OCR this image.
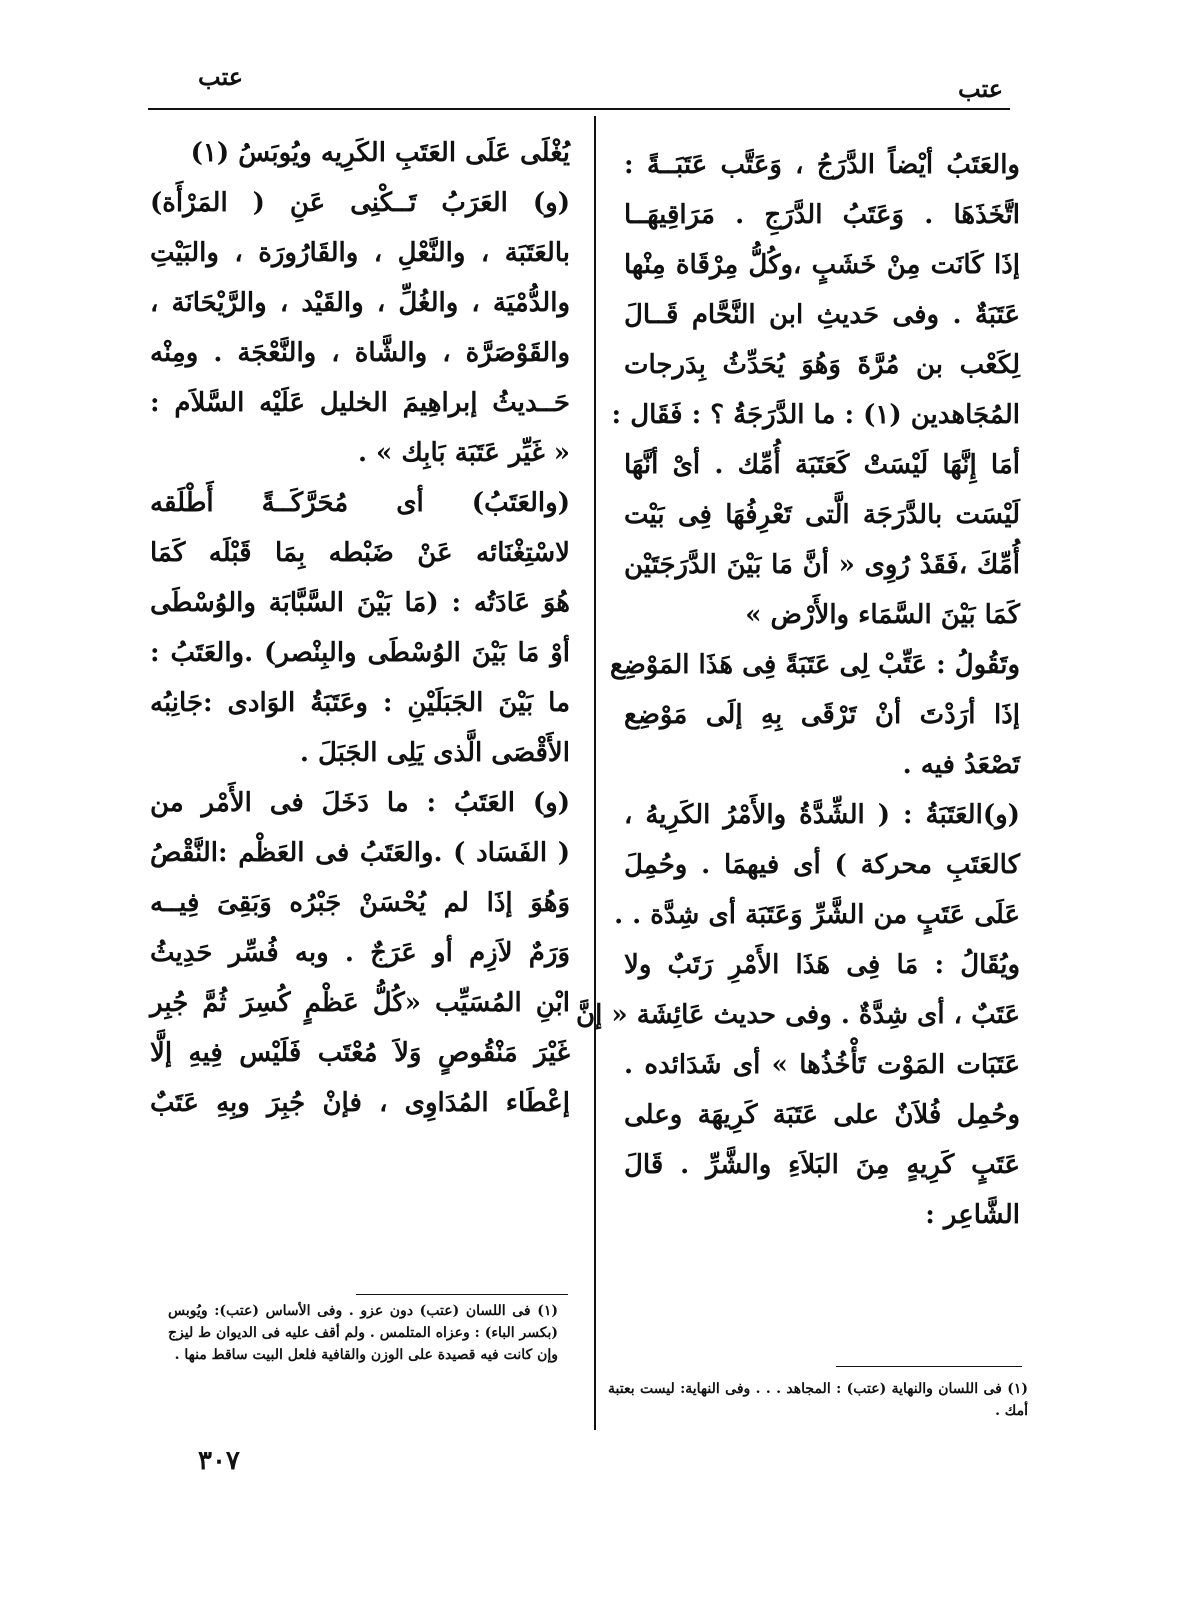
عتب	عتب
والعَتَبُ أيْضاً الدَّرَجُ ، وَعَتَّب عَتَبَــةً :
اتَّخَذَهَا . وَعَتَبُ الدَّرَجِ . مَرَاقِيهَــا
إذَا كَانَت مِنْ خَشَبٍ ،وكُلُّ مِرْقَاة مِنْها
عَتَبَةٌ . وفى حَديثِ ابن النَّحَّام قَــالَ
لِكَعْب بن مُرَّةَ وَهُوَ يُحَدِّثُ بِدَرجات
المُجَاهدين (١) : ما الدَّرَجَةُ ؟ : فَقَال :
أمَا إِنَّهَا لَيْسَتْ كَعَتَبَة أُمِّك . أىْ أنَّهَا
لَيْسَت بالدَّرَجَة الَّتى تَعْرِفُهَا فِى بَيْت
أُمِّكَ ،فَقَدْ رُوِى « أنَّ مَا بَيْنَ الدَّرَجَتَيْن
كَمَا بَيْنَ السَّمَاء والأَرْض »
وتَقُولُ : عَتِّبْ لِى عَتَبَةً فِى هَذَا المَوْضِع
إذَا أرَدْتَ أنْ تَرْقَى بِهِ إلَى مَوْضِع
تَصْعَدُ فيه .
(و)العَتَبَةُ : ( الشِّدَّةُ والأَمْرُ الكَرِيهُ ،
كالعَتَبِ محركة ) أى فيهمَا . وحُمِلَ
عَلَى عَتَبٍ من الشَّرِّ وَعَتَبَة أى شِدَّة . .
ويُقَالُ : مَا فِى هَذَا الأَمْرِ رَتَبٌ ولا
عَتَبٌ ، أى شِدَّةٌ . وفى حديث عَائِشَة « إنَّ
عَتَبَات المَوْت تَأْخُذُها » أى شَدَائده .
وحُمِل فُلاَنٌ على عَتَبَة كَرِيهَة وعلى
عَتَبٍ كَرِيهٍ مِنَ البَلاَءِ والشَّرِّ . قَالَ
الشَّاعِر :
يُغْلَى عَلَى العَتَبِ الكَرِيه ويُوبَسُ (١)
(و) العَرَبُ تَــكْنِى عَنِ ( المَرْأَة)
بالعَتَبَة ، والنَّعْلِ ، والقَارُورَة ، والبَيْتِ
والدُّمْيَة ، والغُلِّ ، والقَيْد ، والرَّيْحَانَة ،
والقَوْصَرَّة ، والشَّاة ، والنَّعْجَة . ومِنْه
حَــديثُ إبراهِيمَ الخليل عَلَيْه السَّلاَم :
« غَيِّر عَتَبَة بَابِك » .
(والعَتَبُ) أى مُحَرَّكَــةً أَطْلَقه
لاسْتِغْنَائه عَنْ ضَبْطه بِمَا قَبْلَه كَمَا
هُوَ عَادَتُه : (مَا بَيْنَ السَّبَّابَة والوُسْطَى
أوْ مَا بَيْنَ الوُسْطَى والبِنْصر) .والعَتَبُ :
ما بَيْنَ الجَبَلَيْنِ : وعَتَبَةُ الوَادى :جَانِبُه
الأَقْصَى الَّذى يَلِى الجَبَلَ .
(و) العَتَبُ : ما دَخَلَ فى الأَمْر من
( الفَسَاد ) .والعَتَبُ فى العَظْم :النَّقْصُ
وَهُوَ إذَا لم يُحْسَنْ جَبْرُه وَبَقِىَ فِيــه
وَرَمٌ لاَزِم أو عَرَجٌ . وبه فُسِّر حَدِيثُ
ابْنِ المُسَيِّب «كُلُّ عَظْمٍ كُسِرَ ثُمَّ جُبِر
غَيْرَ مَنْقُوصٍ وَلاَ مُعْتَب فَلَيْس فِيهِ إلَّا
إعْطَاء المُدَاوِى ، فإنْ جُبِرَ وبِهِ عَتَبٌ
(١) فى اللسان (عتب) دون عزو . وفى الأساس (عتب): ويُوبس (بكسر الباء) : وعزاه المتلمس . ولم أقف عليه فى الديوان ط ليزج وإن كانت فيه قصيدة على الوزن والقافية فلعل البيت ساقط منها .
(١) فى اللسان والنهاية (عتب) : المجاهد . . . وفى النهاية: ليست بعتبة أمك .
٣٠٧
